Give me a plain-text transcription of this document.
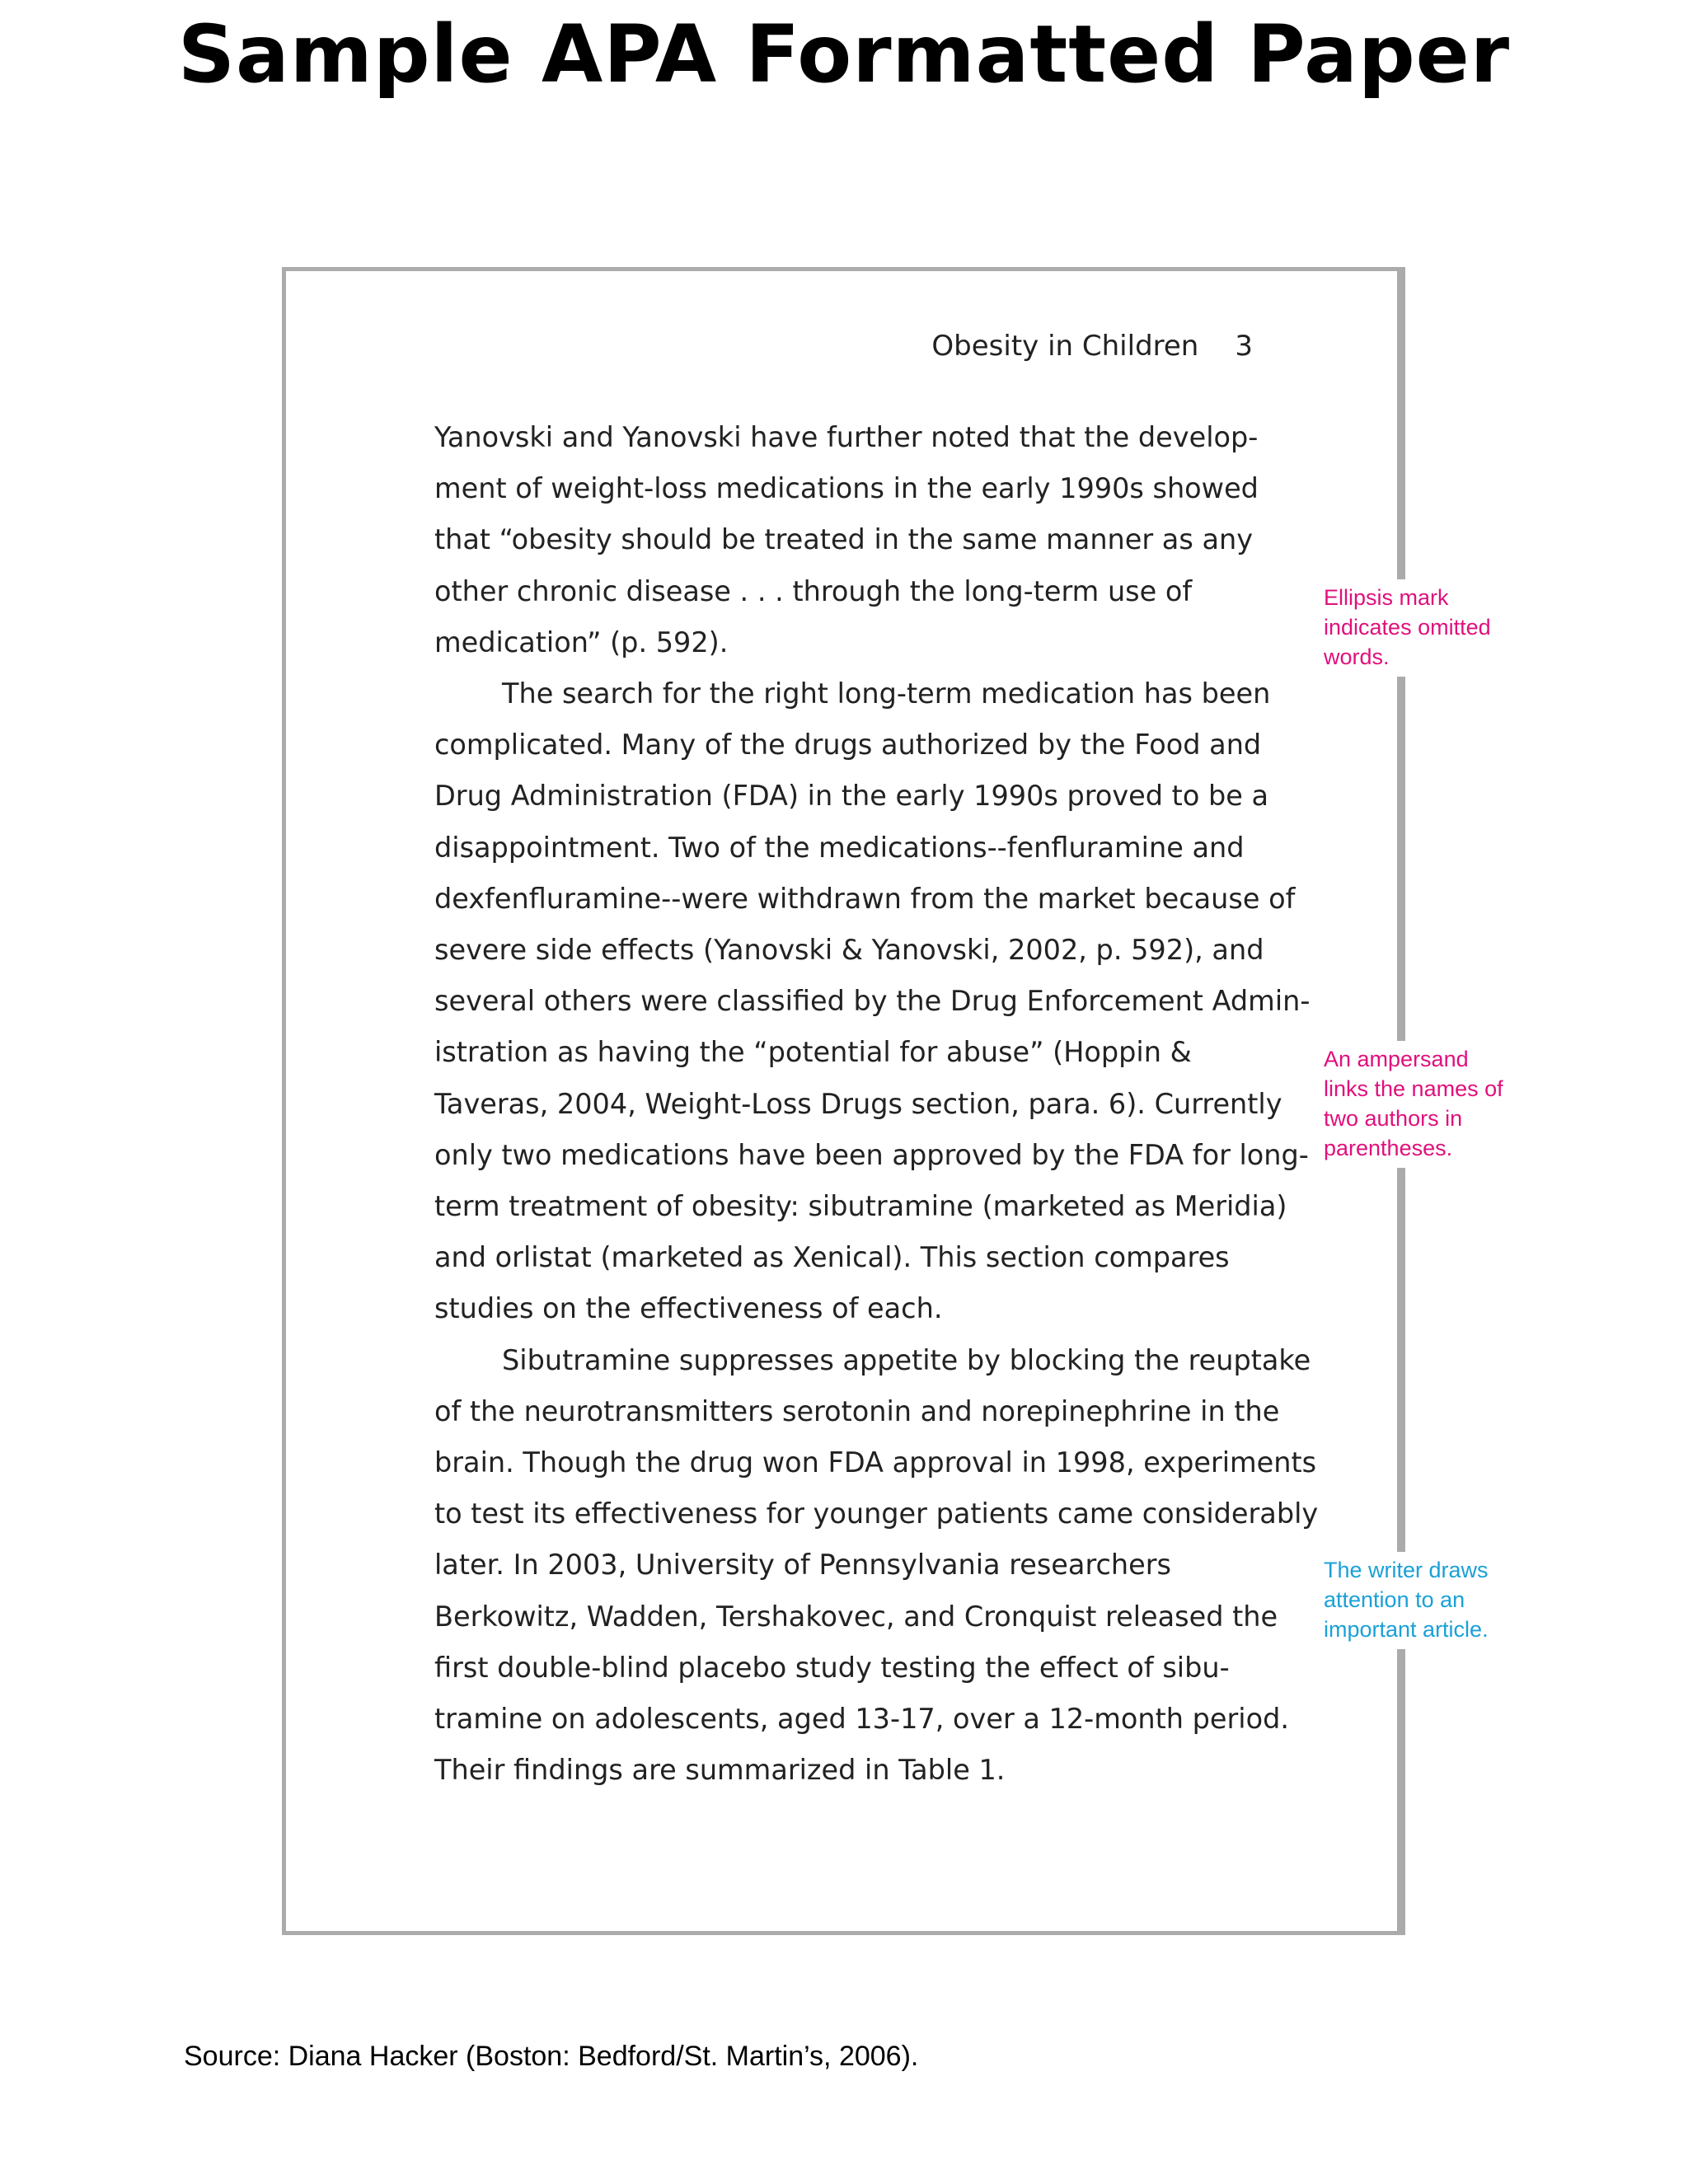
Sample APA Formatted Paper
Obesity in Children 3
Yanovski and Yanovski have further noted that the develop-
ment of weight-loss medications in the early 1990s showed
that “obesity should be treated in the same manner as any
other chronic disease . . . through the long-term use of
medication” (p. 592).
The search for the right long-term medication has been
complicated. Many of the drugs authorized by the Food and
Drug Administration (FDA) in the early 1990s proved to be a
disappointment. Two of the medications--fenfluramine and
dexfenfluramine--were withdrawn from the market because of
severe side effects (Yanovski & Yanovski, 2002, p. 592), and
several others were classified by the Drug Enforcement Admin-
istration as having the “potential for abuse” (Hoppin &
Taveras, 2004, Weight-Loss Drugs section, para. 6). Currently
only two medications have been approved by the FDA for long-
term treatment of obesity: sibutramine (marketed as Meridia)
and orlistat (marketed as Xenical). This section compares
studies on the effectiveness of each.
Sibutramine suppresses appetite by blocking the reuptake
of the neurotransmitters serotonin and norepinephrine in the
brain. Though the drug won FDA approval in 1998, experiments
to test its effectiveness for younger patients came considerably
later. In 2003, University of Pennsylvania researchers
Berkowitz, Wadden, Tershakovec, and Cronquist released the
first double-blind placebo study testing the effect of sibu-
tramine on adolescents, aged 13-17, over a 12-month period.
Their findings are summarized in Table 1.
Ellipsis mark
indicates omitted
words.
An ampersand
links the names of
two authors in
parentheses.
The writer draws
attention to an
important article.
Source: Diana Hacker (Boston: Bedford/St. Martin’s, 2006).
